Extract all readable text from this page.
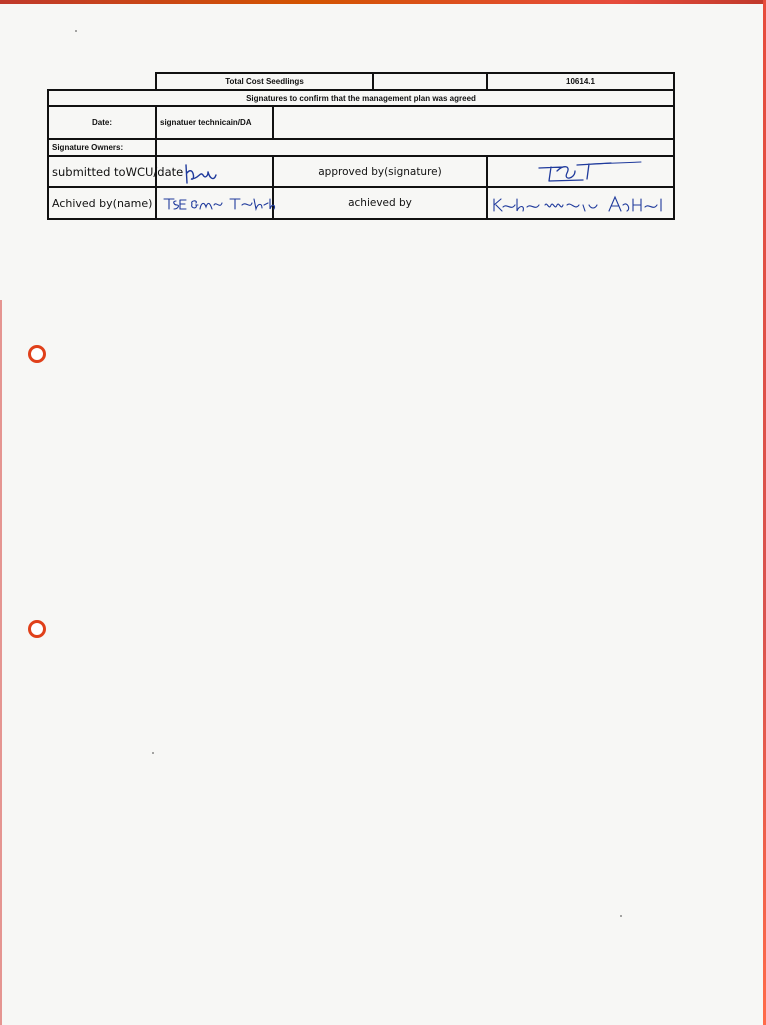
	Total Cost Seedlings			10614.1
Signatures to confirm that the management plan was agreed				
Date:	signatuer technicain/DA			
Signature Owners:				
submitted toWCU/date		approved by(signature)	

Achived by(name)		achieved by	
